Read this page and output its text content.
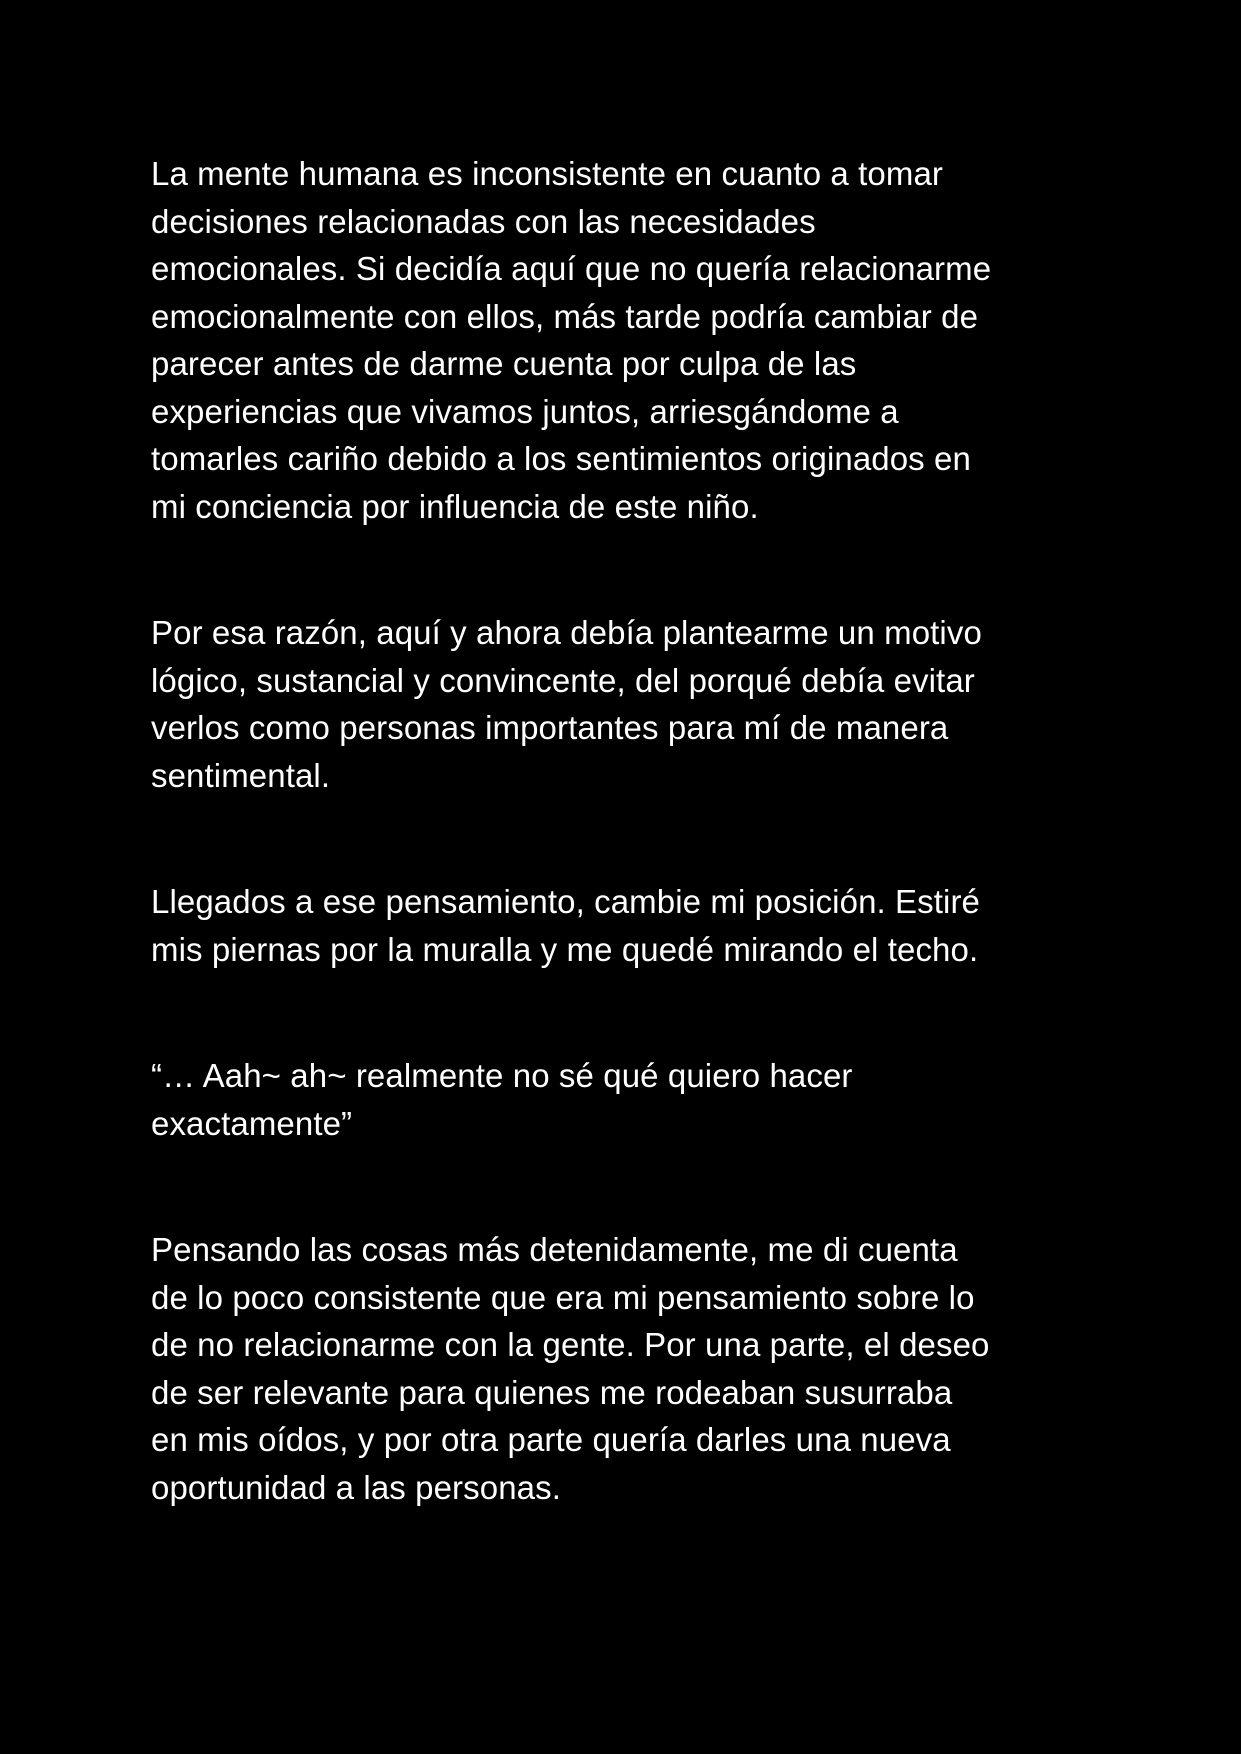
La mente humana es inconsistente en cuanto a tomar
decisiones relacionadas con las necesidades
emocionales. Si decidía aquí que no quería relacionarme
emocionalmente con ellos, más tarde podría cambiar de
parecer antes de darme cuenta por culpa de las
experiencias que vivamos juntos, arriesgándome a
tomarles cariño debido a los sentimientos originados en
mi conciencia por influencia de este niño.

Por esa razón, aquí y ahora debía plantearme un motivo
lógico, sustancial y convincente, del porqué debía evitar
verlos como personas importantes para mí de manera
sentimental.

Llegados a ese pensamiento, cambie mi posición. Estiré
mis piernas por la muralla y me quedé mirando el techo.

“… Aah~ ah~ realmente no sé qué quiero hacer
exactamente”

Pensando las cosas más detenidamente, me di cuenta
de lo poco consistente que era mi pensamiento sobre lo
de no relacionarme con la gente. Por una parte, el deseo
de ser relevante para quienes me rodeaban susurraba
en mis oídos, y por otra parte quería darles una nueva
oportunidad a las personas.
